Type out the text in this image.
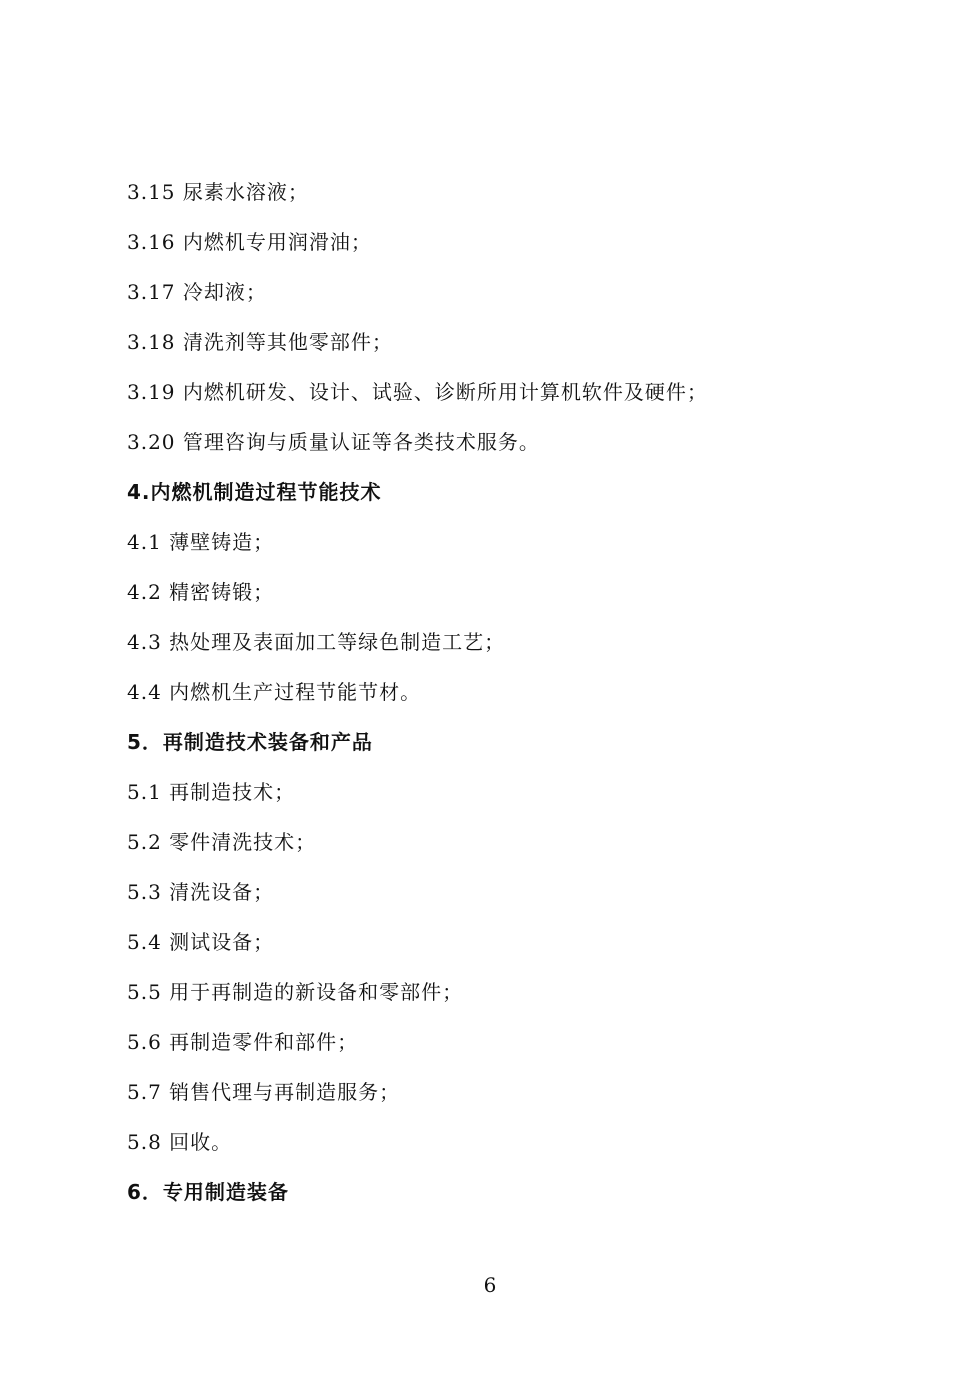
3.15 尿素水溶液；
3.16 内燃机专用润滑油；
3.17 冷却液；
3.18 清洗剂等其他零部件；
3.19 内燃机研发、设计、试验、诊断所用计算机软件及硬件；
3.20 管理咨询与质量认证等各类技术服务。
4.内燃机制造过程节能技术
4.1 薄壁铸造；
4.2 精密铸锻；
4.3 热处理及表面加工等绿色制造工艺；
4.4 内燃机生产过程节能节材。
5．再制造技术装备和产品
5.1 再制造技术；
5.2 零件清洗技术；
5.3 清洗设备；
5.4 测试设备；
5.5 用于再制造的新设备和零部件；
5.6 再制造零件和部件；
5.7 销售代理与再制造服务；
5.8 回收。
6．专用制造装备
6
